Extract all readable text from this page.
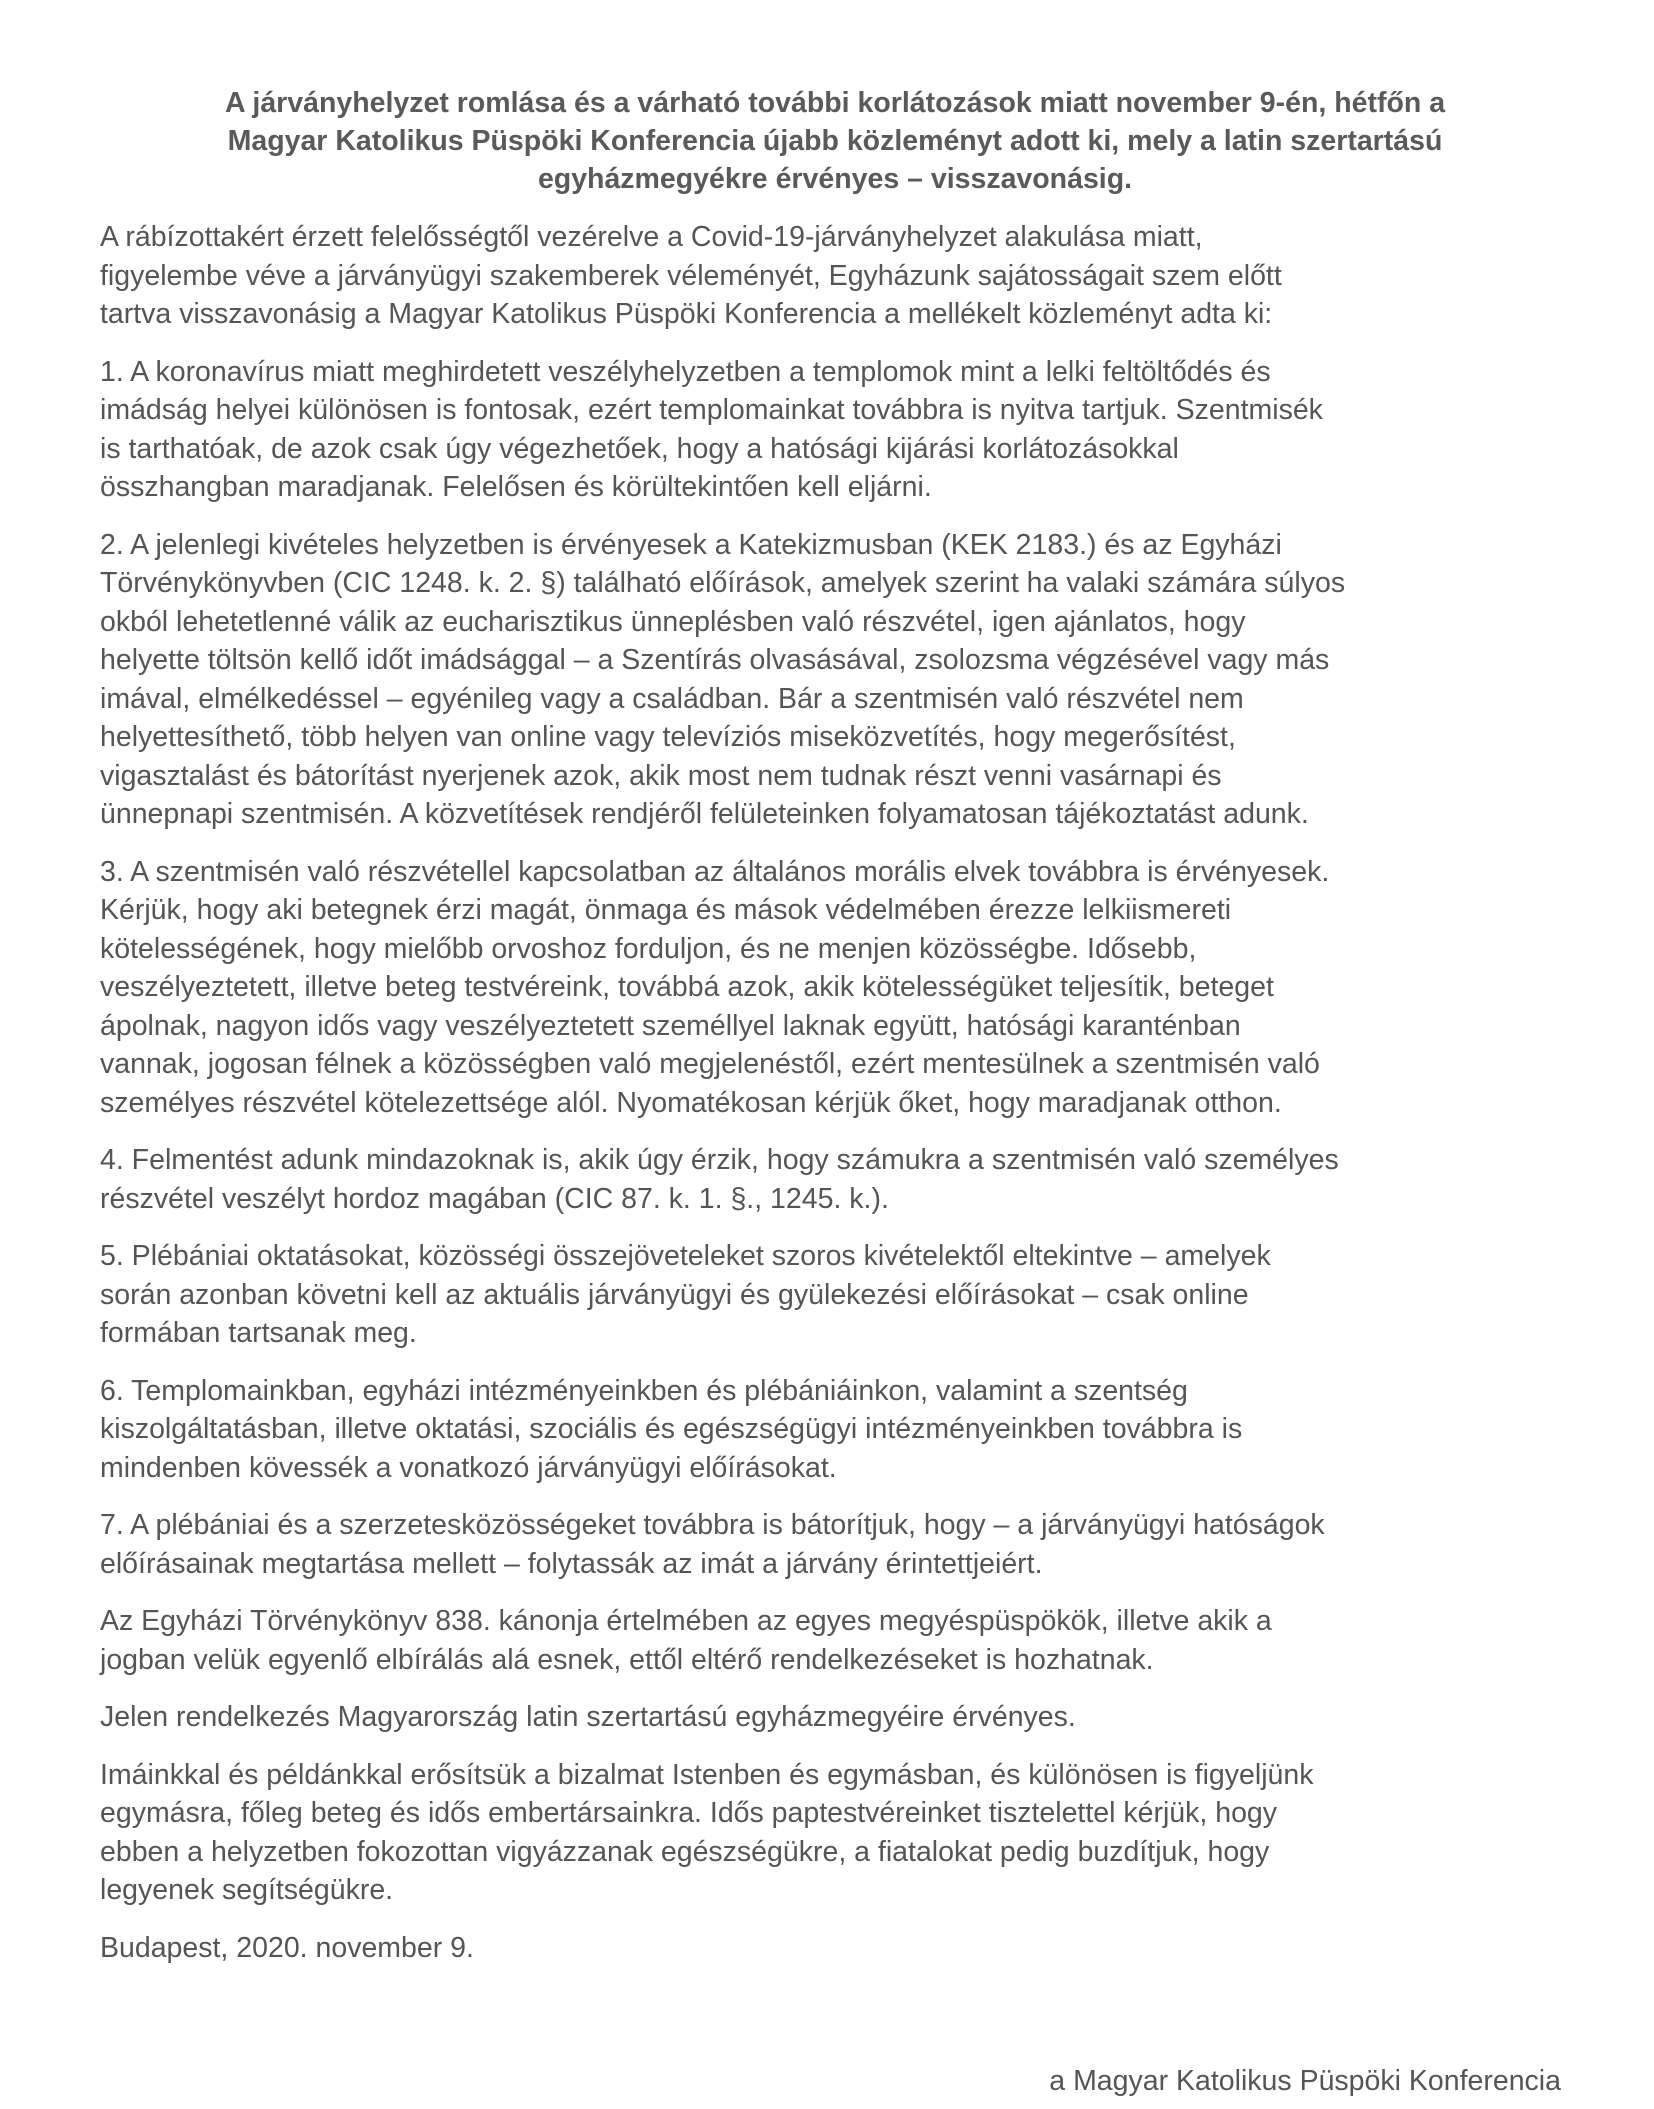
A járványhelyzet romlása és a várható további korlátozások miatt november 9-én, hétfőn a
Magyar Katolikus Püspöki Konferencia újabb közleményt adott ki, mely a latin szertartású
egyházmegyékre érvényes – visszavonásig.
A rábízottakért érzett felelősségtől vezérelve a Covid-19-járványhelyzet alakulása miatt,
figyelembe véve a járványügyi szakemberek véleményét, Egyházunk sajátosságait szem előtt
tartva visszavonásig a Magyar Katolikus Püspöki Konferencia a mellékelt közleményt adta ki:
1. A koronavírus miatt meghirdetett veszélyhelyzetben a templomok mint a lelki feltöltődés és
imádság helyei különösen is fontosak, ezért templomainkat továbbra is nyitva tartjuk. Szentmisék
is tarthatóak, de azok csak úgy végezhetőek, hogy a hatósági kijárási korlátozásokkal
összhangban maradjanak. Felelősen és körültekintően kell eljárni.
2. A jelenlegi kivételes helyzetben is érvényesek a Katekizmusban (KEK 2183.) és az Egyházi
Törvénykönyvben (CIC 1248. k. 2. §) található előírások, amelyek szerint ha valaki számára súlyos
okból lehetetlenné válik az eucharisztikus ünneplésben való részvétel, igen ajánlatos, hogy
helyette töltsön kellő időt imádsággal – a Szentírás olvasásával, zsolozsma végzésével vagy más
imával, elmélkedéssel – egyénileg vagy a családban. Bár a szentmisén való részvétel nem
helyettesíthető, több helyen van online vagy televíziós miseközvetítés, hogy megerősítést,
vigasztalást és bátorítást nyerjenek azok, akik most nem tudnak részt venni vasárnapi és
ünnepnapi szentmisén. A közvetítések rendjéről felületeinken folyamatosan tájékoztatást adunk.
3. A szentmisén való részvétellel kapcsolatban az általános morális elvek továbbra is érvényesek.
Kérjük, hogy aki betegnek érzi magát, önmaga és mások védelmében érezze lelkiismereti
kötelességének, hogy mielőbb orvoshoz forduljon, és ne menjen közösségbe. Idősebb,
veszélyeztetett, illetve beteg testvéreink, továbbá azok, akik kötelességüket teljesítik, beteget
ápolnak, nagyon idős vagy veszélyeztetett személlyel laknak együtt, hatósági karanténban
vannak, jogosan félnek a közösségben való megjelenéstől, ezért mentesülnek a szentmisén való
személyes részvétel kötelezettsége alól. Nyomatékosan kérjük őket, hogy maradjanak otthon.
4. Felmentést adunk mindazoknak is, akik úgy érzik, hogy számukra a szentmisén való személyes
részvétel veszélyt hordoz magában (CIC 87. k. 1. §., 1245. k.).
5. Plébániai oktatásokat, közösségi összejöveteleket szoros kivételektől eltekintve – amelyek
során azonban követni kell az aktuális járványügyi és gyülekezési előírásokat – csak online
formában tartsanak meg.
6. Templomainkban, egyházi intézményeinkben és plébániáinkon, valamint a szentség
kiszolgáltatásban, illetve oktatási, szociális és egészségügyi intézményeinkben továbbra is
mindenben kövessék a vonatkozó járványügyi előírásokat.
7. A plébániai és a szerzetesközösségeket továbbra is bátorítjuk, hogy – a járványügyi hatóságok
előírásainak megtartása mellett – folytassák az imát a járvány érintettjeiért.
Az Egyházi Törvénykönyv 838. kánonja értelmében az egyes megyéspüspökök, illetve akik a
jogban velük egyenlő elbírálás alá esnek, ettől eltérő rendelkezéseket is hozhatnak.
Jelen rendelkezés Magyarország latin szertartású egyházmegyéire érvényes.
Imáinkkal és példánkkal erősítsük a bizalmat Istenben és egymásban, és különösen is figyeljünk
egymásra, főleg beteg és idős embertársainkra. Idős paptestvéreinket tisztelettel kérjük, hogy
ebben a helyzetben fokozottan vigyázzanak egészségükre, a fiatalokat pedig buzdítjuk, hogy
legyenek segítségükre.
Budapest, 2020. november 9.
a Magyar Katolikus Püspöki Konferencia
